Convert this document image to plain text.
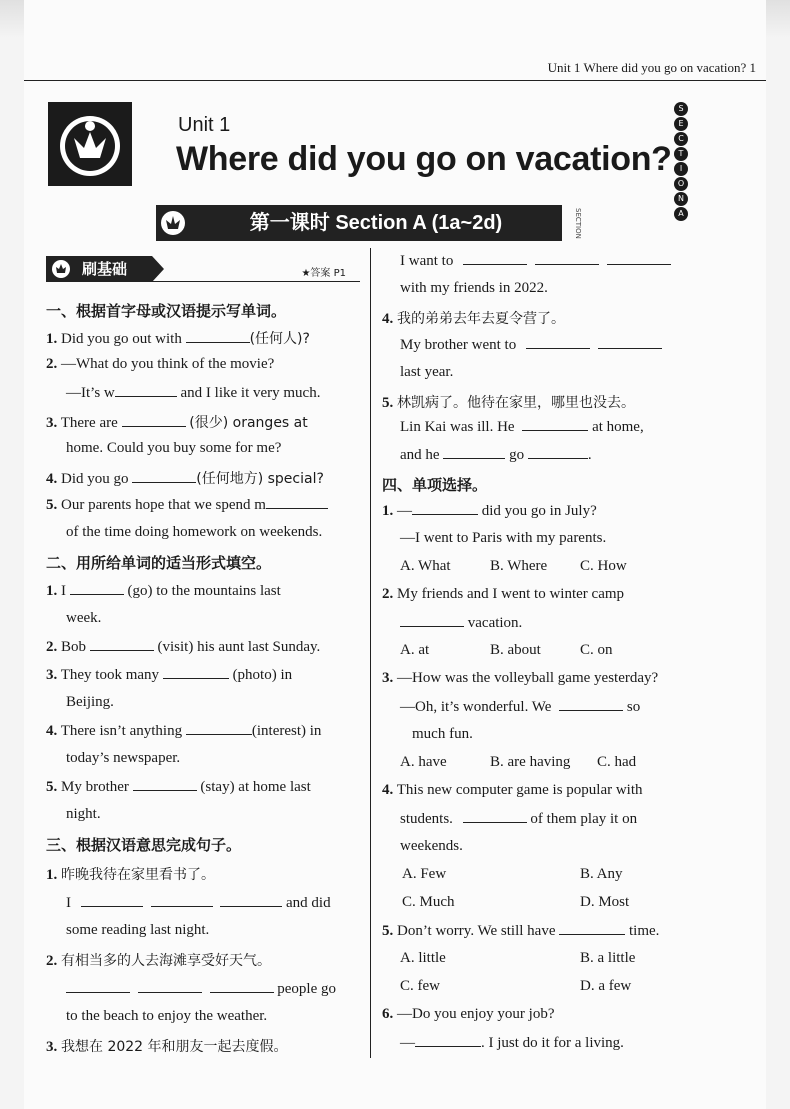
Unit 1 Where did you go on vacation? 1
Unit 1
Where did you go on vacation?
S
E
C
T
I
O
N
A
第一课时 Section A (1a~2d)	SECTION
刷基础	★答案 P1
一、根据首字母或汉语提示写单词。
1. Did you go out with	(任何人)?
2. —What do you think of the movie?
—It’s w	and I like it very much.
3. There are	(很少) oranges at
home. Could you buy some for me?
4. Did you go	(任何地方) special?
5. Our parents hope that we spend m
of the time doing homework on weekends.
二、用所给单词的适当形式填空。
1. I	(go) to the mountains last
week.
2. Bob	(visit) his aunt last Sunday.
3. They took many	(photo) in
Beijing.
4. There isn’t anything	(interest) in
today’s newspaper.
5. My brother	(stay) at home last
night.
三、根据汉语意思完成句子。
1. 昨晚我待在家里看书了。
I	and did
some reading last night.
2. 有相当多的人去海滩享受好天气。
people go
to the beach to enjoy the weather.
3. 我想在 2022 年和朋友一起去度假。
I want to
with my friends in 2022.
4. 我的弟弟去年去夏令营了。
My brother went to
last year.
5. 林凯病了。他待在家里，哪里也没去。
Lin Kai was ill. He	at home,
and he	go	.
四、单项选择。
1. —	did you go in July?
—I went to Paris with my parents.
A. What	B. Where C. How
2. My friends and I went to winter camp
vacation.
A. at	B. about	C. on
3. —How was the volleyball game yesterday?
—Oh, it’s wonderful. We	so
much fun.
A. have	B. are having C. had
4. This new computer game is popular with
students.	of them play it on
weekends.
A. Few	B. Any
C. Much	D. Most
5. Don’t worry. We still have	time.
A. little	B. a little
C. few	D. a few
6. —Do you enjoy your job?
—	. I just do it for a living.
